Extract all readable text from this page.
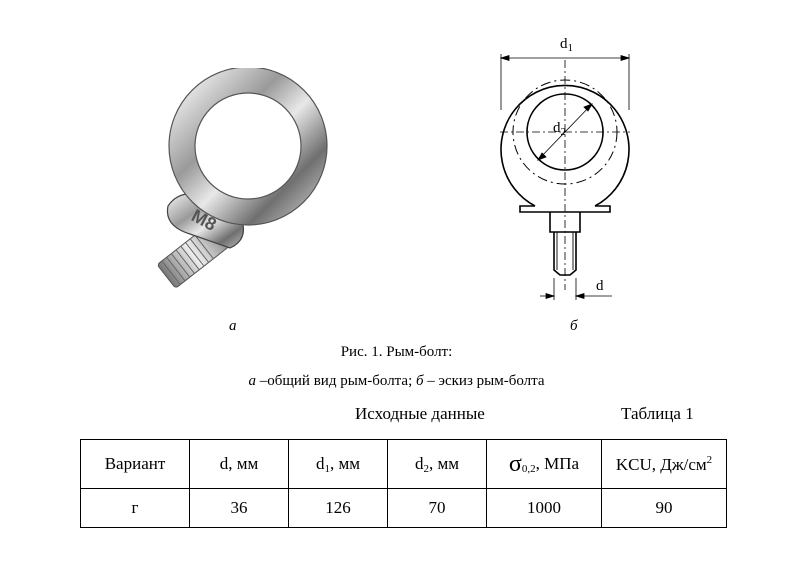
M8
$d_1$
$d_2$
d
а	б
Рис. 1. Рым-болт:
а –общий вид рым-болта; б – эскиз рым-болта
Исходные данные	Таблица 1
Вариант	d, мм	$d_1$, мм	$d_2$, мм	$\sigma_{0,2}$, МПа	KCU, $Дж/см^2$
г	36	126	70	1000	90
